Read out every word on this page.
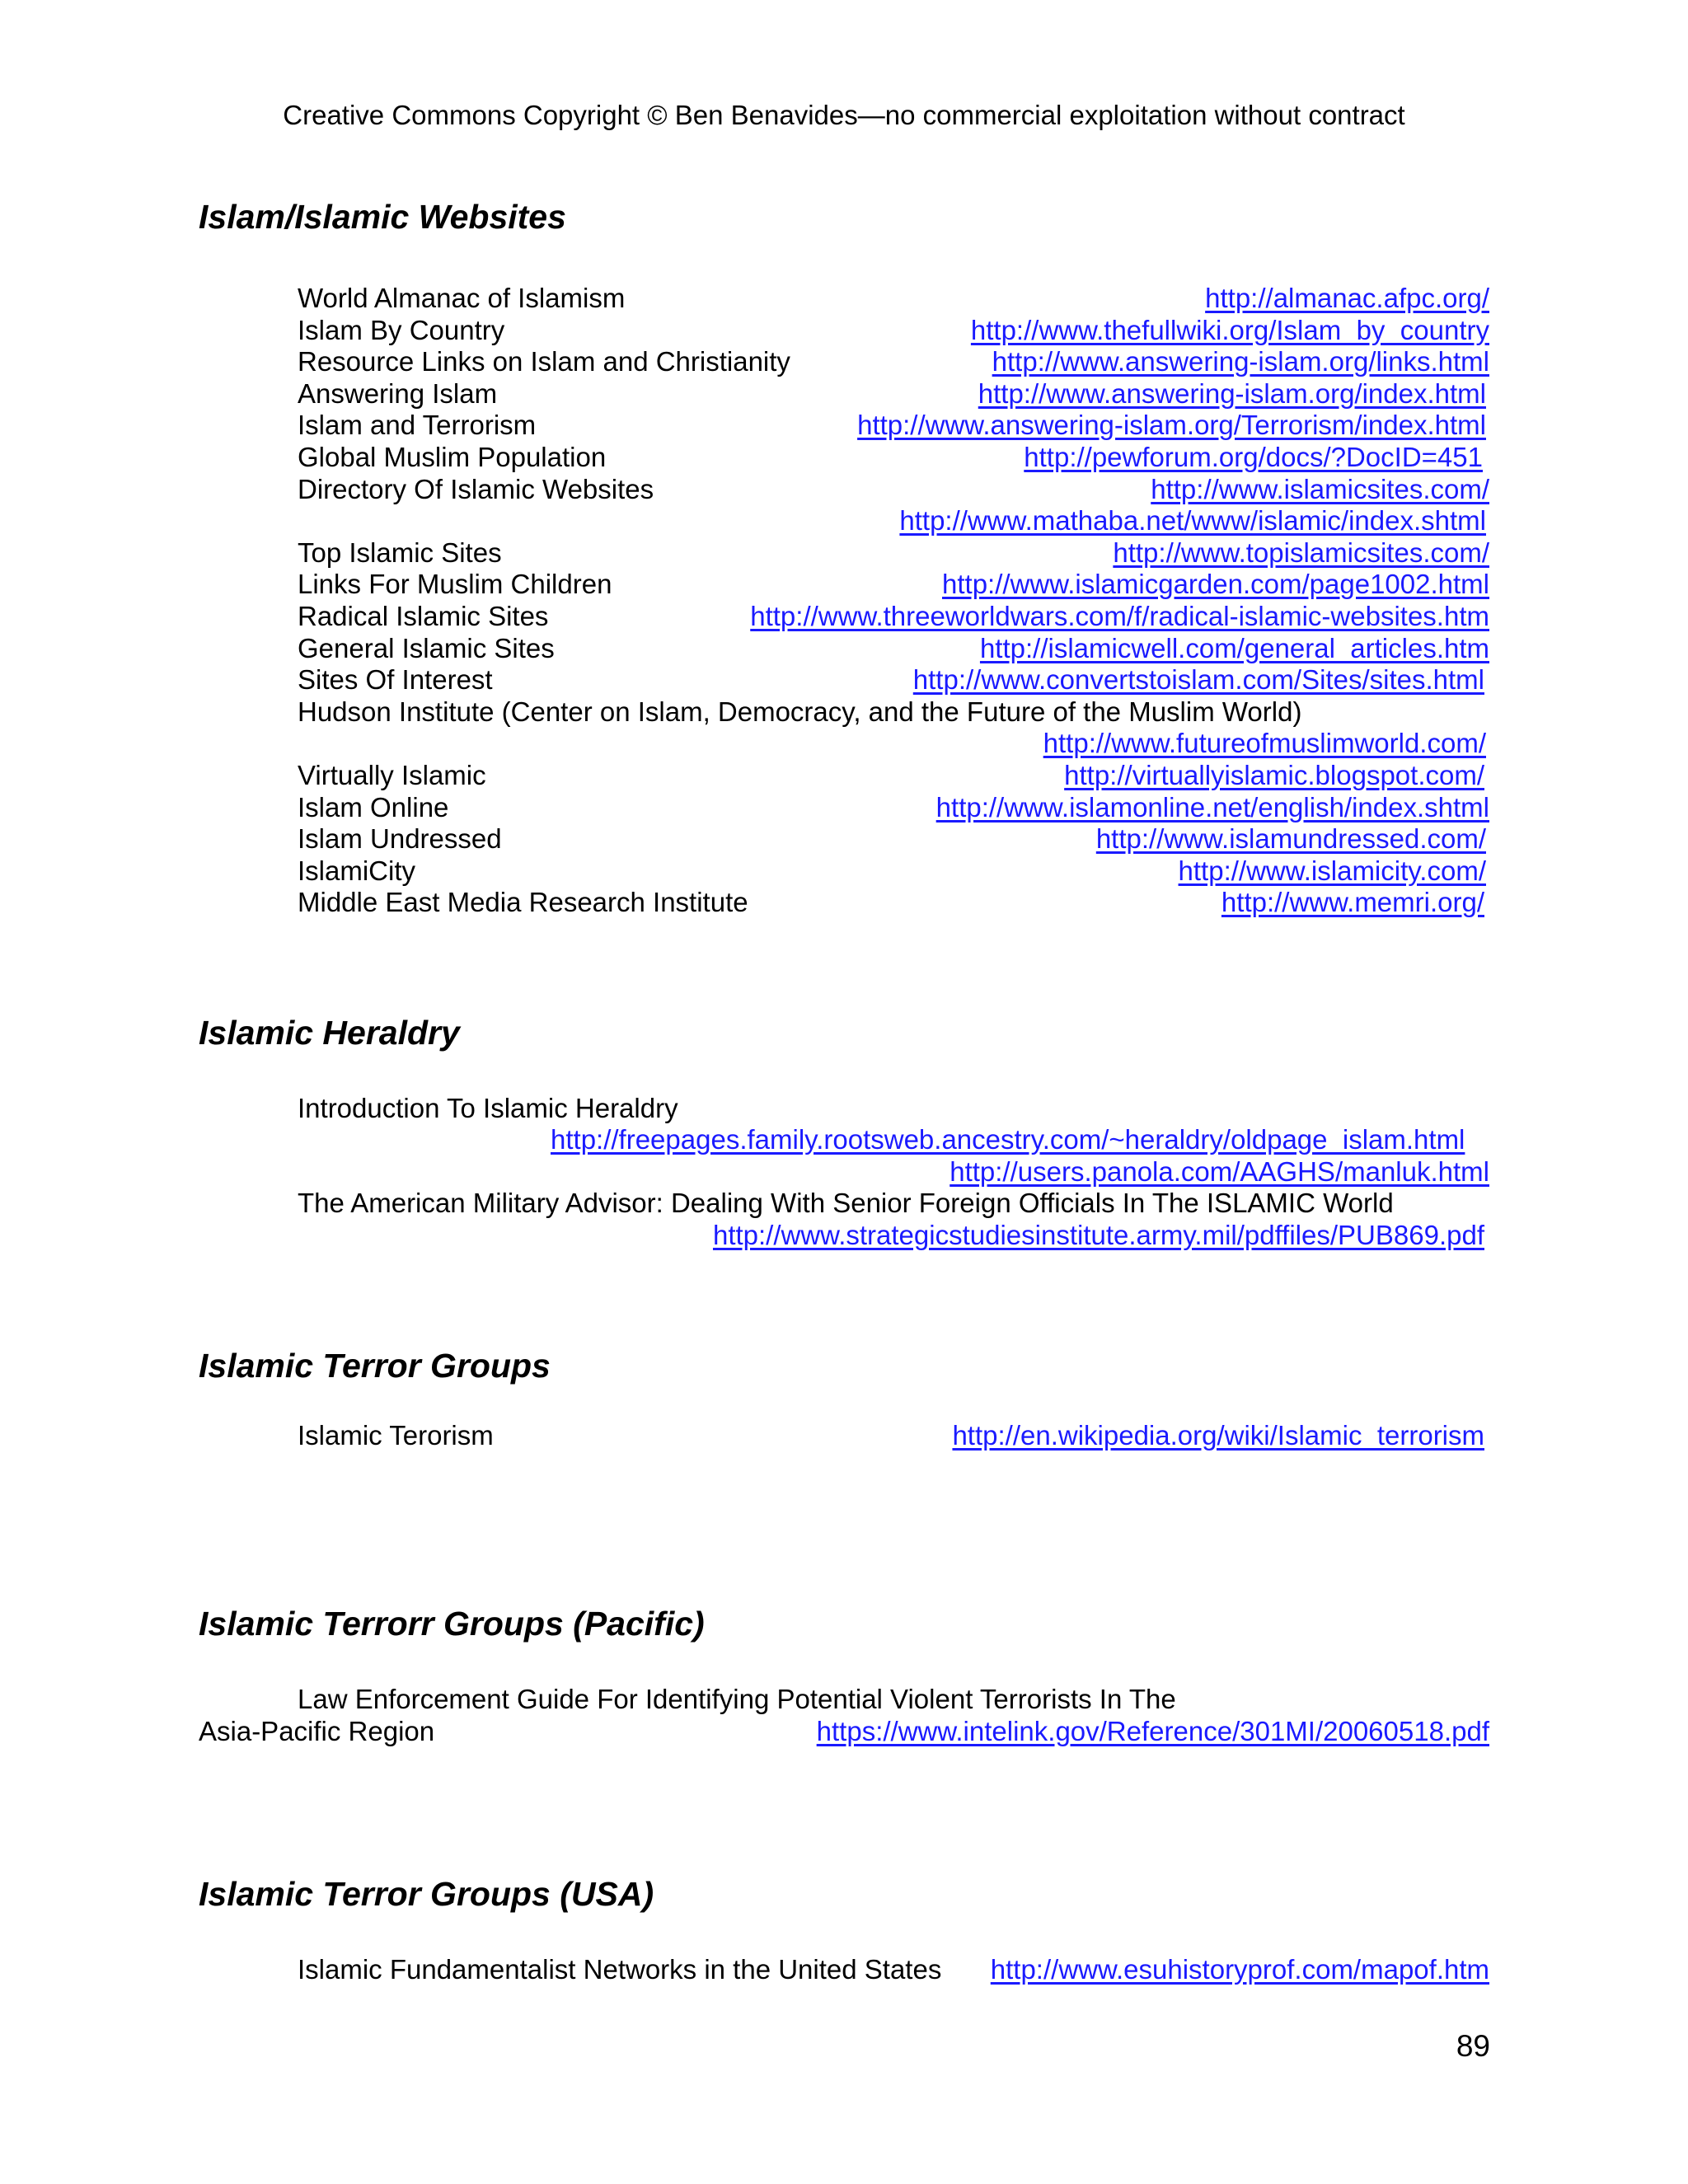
Creative Commons Copyright © Ben Benavides—no commercial exploitation without contract
Islam/Islamic Websites
World Almanac of Islamism	http://almanac.afpc.org/
Islam By Country	http://www.thefullwiki.org/Islam_by_country
Resource Links on Islam and Christianity	http://www.answering-islam.org/links.html
Answering Islam	http://www.answering-islam.org/index.html
Islam and Terrorism	http://www.answering-islam.org/Terrorism/index.html
Global Muslim Population	http://pewforum.org/docs/?DocID=451
Directory Of Islamic Websites	http://www.islamicsites.com/
http://www.mathaba.net/www/islamic/index.shtml
Top Islamic Sites	http://www.topislamicsites.com/
Links For Muslim Children	http://www.islamicgarden.com/page1002.html
Radical Islamic Sites	http://www.threeworldwars.com/f/radical-islamic-websites.htm
General Islamic Sites	http://islamicwell.com/general_articles.htm
Sites Of Interest	http://www.convertstoislam.com/Sites/sites.html
Hudson Institute (Center on Islam, Democracy, and the Future of the Muslim World)
http://www.futureofmuslimworld.com/
Virtually Islamic	http://virtuallyislamic.blogspot.com/
Islam Online	http://www.islamonline.net/english/index.shtml
Islam Undressed	http://www.islamundressed.com/
IslamiCity	http://www.islamicity.com/
Middle East Media Research Institute	http://www.memri.org/
Islamic Heraldry
Introduction To Islamic Heraldry
http://freepages.family.rootsweb.ancestry.com/~heraldry/oldpage_islam.html
http://users.panola.com/AAGHS/manluk.html
The American Military Advisor: Dealing With Senior Foreign Officials In The ISLAMIC World
http://www.strategicstudiesinstitute.army.mil/pdffiles/PUB869.pdf
Islamic Terror Groups
Islamic Terorism	http://en.wikipedia.org/wiki/Islamic_terrorism
Islamic Terrorr Groups (Pacific)
Law Enforcement Guide For Identifying Potential Violent Terrorists In The
Asia-Pacific Region	https://www.intelink.gov/Reference/301MI/20060518.pdf
Islamic Terror Groups (USA)
Islamic Fundamentalist Networks in the United States http://www.esuhistoryprof.com/mapof.htm
89
